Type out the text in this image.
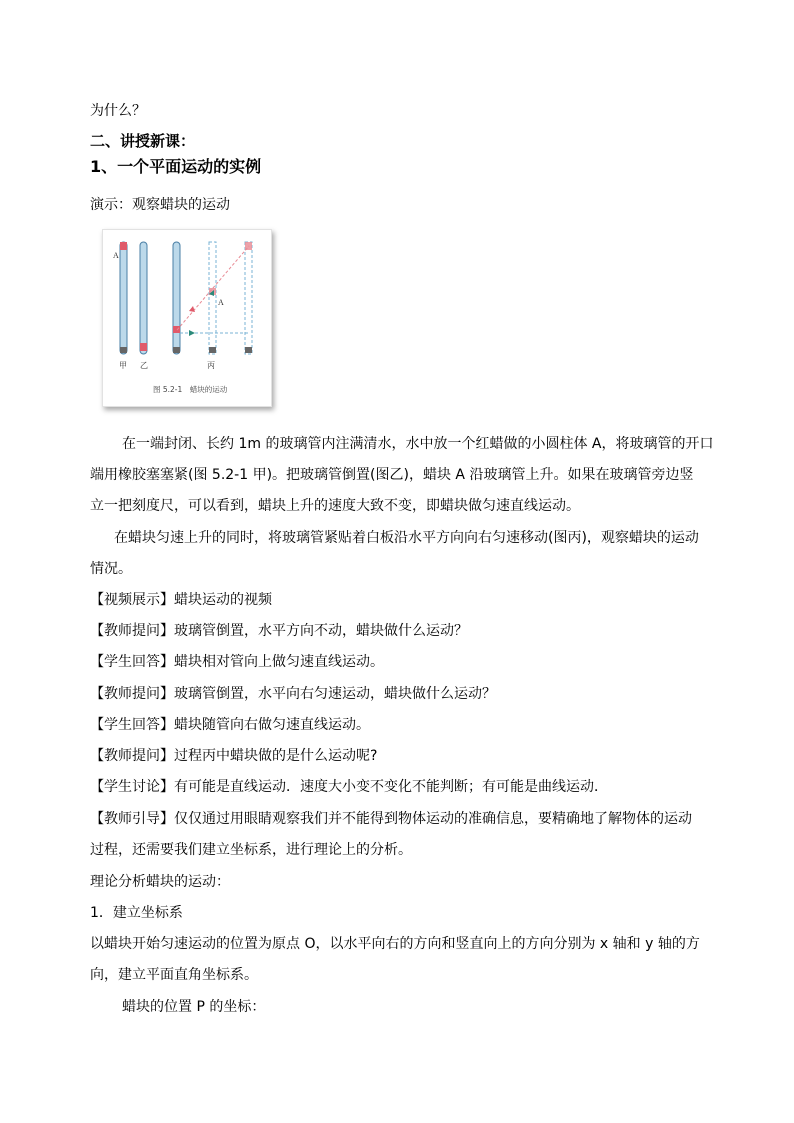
为什么？
二、讲授新课：
1、一个平面运动的实例
演示：观察蜡块的运动
A
A
甲 乙	丙
图 5.2-1　蜡块的运动
在一端封闭、长约 1m 的玻璃管内注满清水，水中放一个红蜡做的小圆柱体 A，将玻璃管的开口
端用橡胶塞塞紧(图 5.2-1 甲)。把玻璃管倒置(图乙)，蜡块 A 沿玻璃管上升。如果在玻璃管旁边竖
立一把刻度尺，可以看到，蜡块上升的速度大致不变，即蜡块做匀速直线运动。
在蜡块匀速上升的同时，将玻璃管紧贴着白板沿水平方向向右匀速移动(图丙)，观察蜡块的运动
情况。
【视频展示】蜡块运动的视频
【教师提问】玻璃管倒置，水平方向不动，蜡块做什么运动？
【学生回答】蜡块相对管向上做匀速直线运动。
【教师提问】玻璃管倒置，水平向右匀速运动，蜡块做什么运动？
【学生回答】蜡块随管向右做匀速直线运动。
【教师提问】过程丙中蜡块做的是什么运动呢?
【学生讨论】有可能是直线运动．速度大小变不变化不能判断；有可能是曲线运动．
【教师引导】仅仅通过用眼睛观察我们并不能得到物体运动的准确信息，要精确地了解物体的运动
过程，还需要我们建立坐标系，进行理论上的分析。
理论分析蜡块的运动：
1．建立坐标系
以蜡块开始匀速运动的位置为原点 O，以水平向右的方向和竖直向上的方向分别为 x 轴和 y 轴的方
向，建立平面直角坐标系。
蜡块的位置 P 的坐标：
